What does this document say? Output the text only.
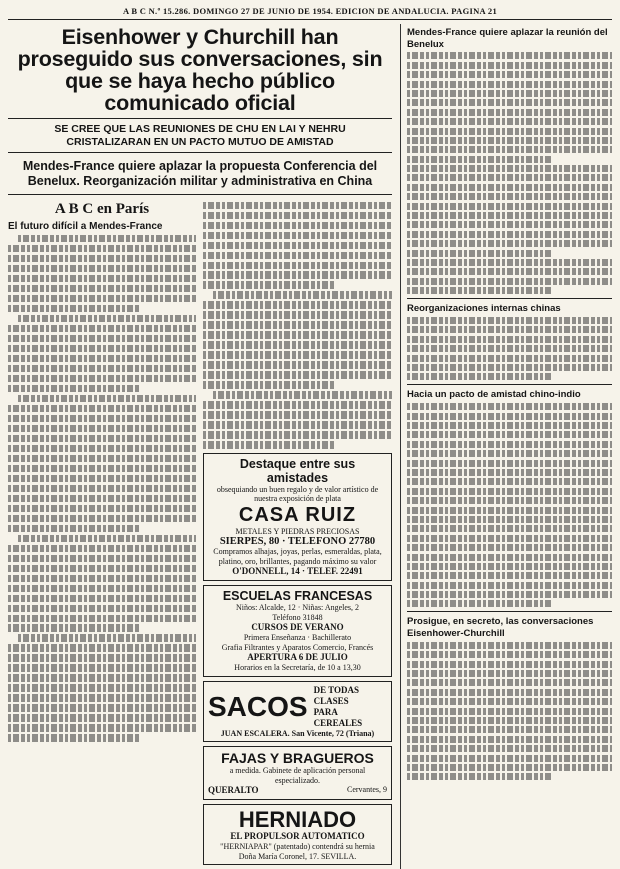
A B C N.º 15.286. DOMINGO 27 DE JUNIO DE 1954. EDICION DE ANDALUCIA. PAGINA 21
Eisenhower y Churchill han proseguido sus conversaciones, sin que se haya hecho público comunicado oficial
SE CREE QUE LAS REUNIONES DE CHU EN LAI Y NEHRU CRISTALIZARAN EN UN PACTO MUTUO DE AMISTAD
Mendes-France quiere aplazar la propuesta Conferencia del Benelux. Reorganización militar y administrativa en China
A B C en París
El futuro difícil a Mendes-France
Destaque entre sus amistades
obsequiando un buen regalo y de valor artístico de nuestra exposición de plata
CASA RUIZ
METALES Y PIEDRAS PRECIOSAS
SIERPES, 80 · TELEFONO 27780
Compramos alhajas, joyas, perlas, esmeraldas, plata, platino, oro, brillantes, pagando máximo su valor
O'DONNELL, 14 · TELEF. 22491
ESCUELAS FRANCESAS
Niños: Alcalde, 12 · Niñas: Angeles, 2
Teléfono 31848
CURSOS DE VERANO
Primera Enseñanza · Bachillerato
Grafia Filtrantes y Aparatos Comercio, Francés
APERTURA 6 DE JULIO
Horarios en la Secretaría, de 10 a 13,30
SACOS
DE TODAS CLASES
PARA CEREALES
JUAN ESCALERA. San Vicente, 72 (Triana)
FAJAS Y BRAGUEROS
a medida. Gabinete de aplicación personal especializado.
QUERALTO	Cervantes, 9
HERNIADO
EL PROPULSOR AUTOMATICO
"HERNIAPAR" (patentado) contendrá su hernia
Doña María Coronel, 17. SEVILLA.
Mendes-France quiere aplazar la reunión del Benelux
Reorganizaciones internas chinas
Hacia un pacto de amistad chino-indio
Prosigue, en secreto, las conversaciones Eisenhower-Churchill
